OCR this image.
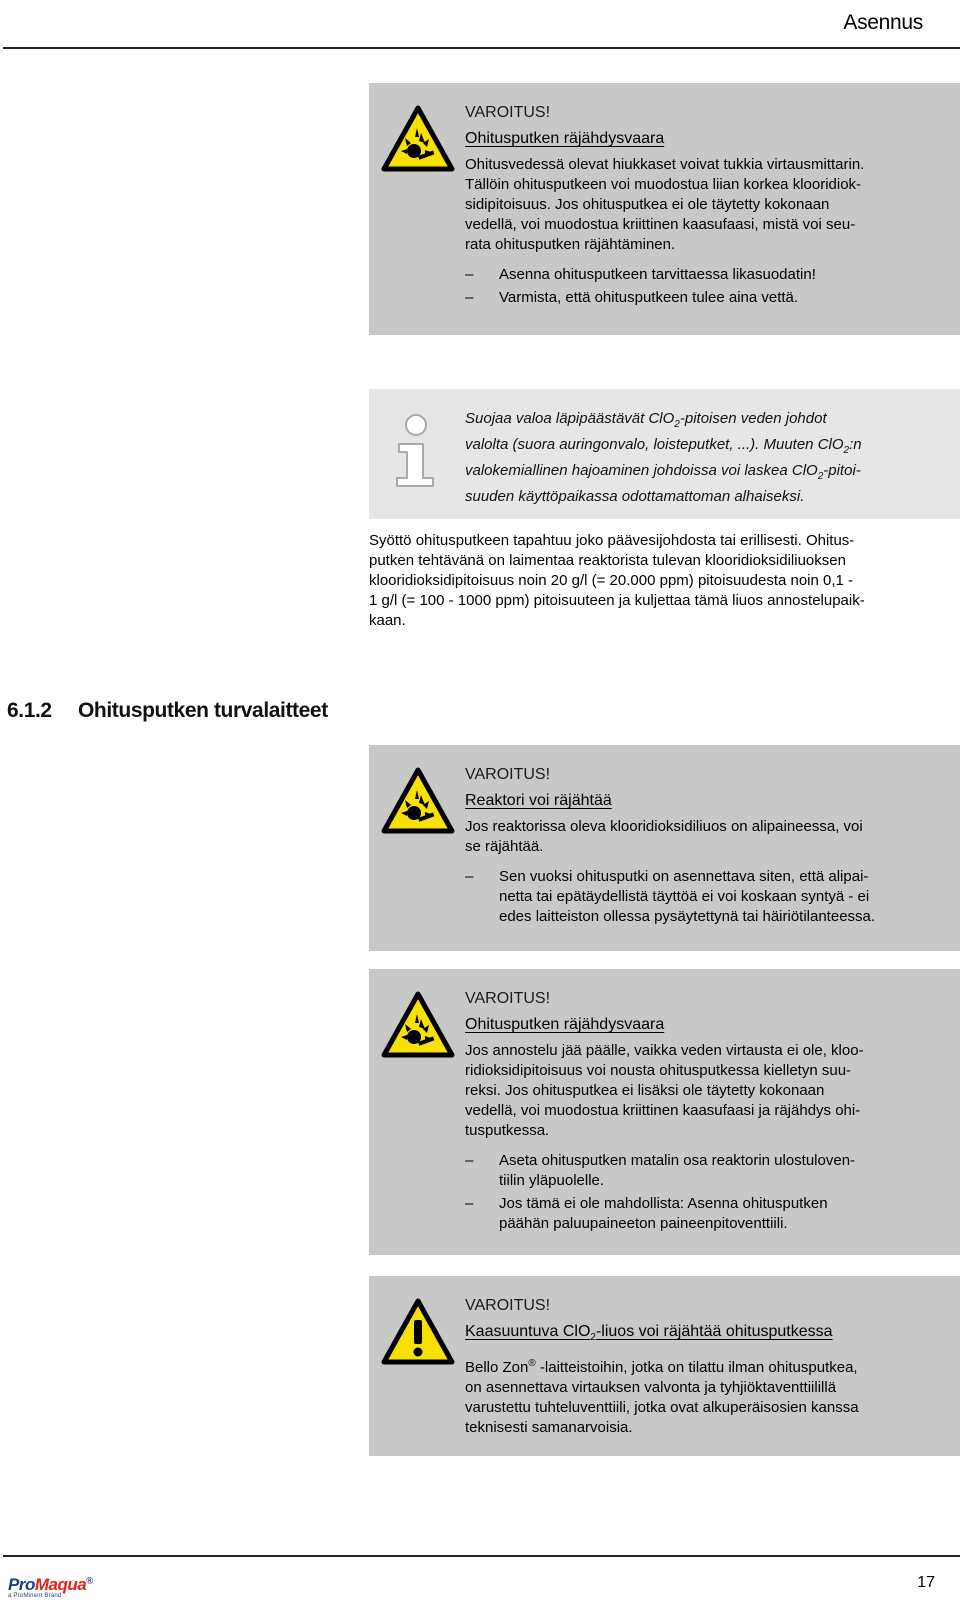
Asennus
VAROITUS!
Ohitusputken räjähdysvaara
Ohitusvedessä olevat hiukkaset voivat tukkia virtausmittarin.
Tällöin ohitusputkeen voi muodostua liian korkea klooridiok-
sidipitoisuus. Jos ohitusputkea ei ole täytetty kokonaan
vedellä, voi muodostua kriittinen kaasufaasi, mistä voi seu-
rata ohitusputken räjähtäminen.
– Asenna ohitusputkeen tarvittaessa likasuodatin!
– Varmista, että ohitusputkeen tulee aina vettä.
Suojaa valoa läpipäästävät ClO$_2$-pitoisen veden johdot
valolta (suora auringonvalo, loisteputket, ...). Muuten ClO$_2$:n
valokemiallinen hajoaminen johdoissa voi laskea ClO$_2$-pitoi-
suuden käyttöpaikassa odottamattoman alhaiseksi.
Syöttö ohitusputkeen tapahtuu joko päävesijohdosta tai erillisesti. Ohitus-
putken tehtävänä on laimentaa reaktorista tulevan klooridioksidiliuoksen
klooridioksidipitoisuus noin 20 g/l (= 20.000 ppm) pitoisuudesta noin 0,1 -
1 g/l (= 100 - 1000 ppm) pitoisuuteen ja kuljettaa tämä liuos annostelupaik-
kaan.
6.1.2 Ohitusputken turvalaitteet
VAROITUS!
Reaktori voi räjähtää
Jos reaktorissa oleva klooridioksidiliuos on alipaineessa, voi
se räjähtää.
– Sen vuoksi ohitusputki on asennettava siten, että alipai-
netta tai epätäydellistä täyttöä ei voi koskaan syntyä - ei
edes laitteiston ollessa pysäytettynä tai häiriötilanteessa.
VAROITUS!
Ohitusputken räjähdysvaara
Jos annostelu jää päälle, vaikka veden virtausta ei ole, kloo-
ridioksidipitoisuus voi nousta ohitusputkessa kielletyn suu-
reksi. Jos ohitusputkea ei lisäksi ole täytetty kokonaan
vedellä, voi muodostua kriittinen kaasufaasi ja räjähdys ohi-
tusputkessa.
– Aseta ohitusputken matalin osa reaktorin ulostuloven-
tiilin yläpuolelle.
– Jos tämä ei ole mahdollista: Asenna ohitusputken
päähän paluupaineeton paineenpitoventtiili.
VAROITUS!
Kaasuuntuva ClO$_2$-liuos voi räjähtää ohitusputkessa
Bello Zon® -laitteistoihin, jotka on tilattu ilman ohitusputkea,
on asennettava virtauksen valvonta ja tyhjiöktaventtiilillä
varustettu tuhteluventtiili, jotka ovat alkuperäisosien kanssa
teknisesti samanarvoisia.
ProMaqua®
a ProMinent Brand
17
